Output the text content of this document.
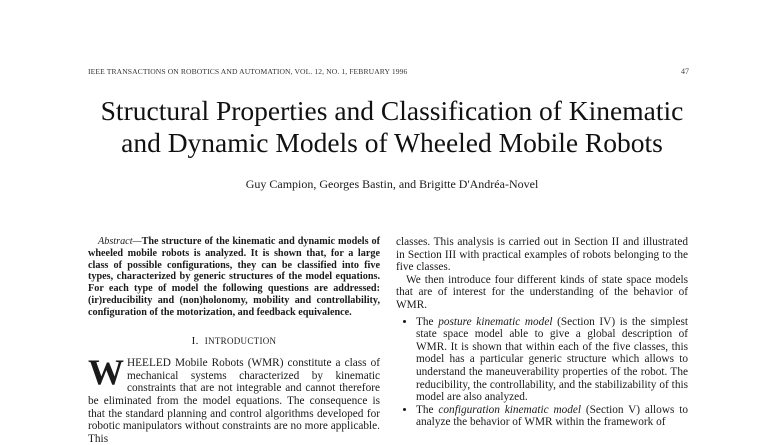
IEEE TRANSACTIONS ON ROBOTICS AND AUTOMATION, VOL. 12, NO. 1, FEBRUARY 1996	47
Structural Properties and Classification of Kinematic
and Dynamic Models of Wheeled Mobile Robots
Guy Campion, Georges Bastin, and Brigitte D'Andréa-Novel

Abstract—The structure of the kinematic and dynamic models of wheeled mobile robots is analyzed. It is shown that, for a large class of possible configurations, they can be classified into five types, characterized by generic structures of the model equations. For each type of model the following questions are addressed: (ir)reducibility and (non)holonomy, mobility and controllability, configuration of the motorization, and feedback equivalence.

I. INTRODUCTION

WHEELED Mobile Robots (WMR) constitute a class of mechanical systems characterized by kinematic constraints that are not integrable and cannot therefore be eliminated from the model equations. The consequence is that the standard planning and control algorithms developed for robotic manipulators without constraints are no more applicable. This

classes. This analysis is carried out in Section II and illustrated in Section III with practical examples of robots belonging to the five classes.

We then introduce four different kinds of state space models that are of interest for the understanding of the behavior of WMR.

• The posture kinematic model (Section IV) is the simplest state space model able to give a global description of WMR. It is shown that within each of the five classes, this model has a particular generic structure which allows to understand the maneuverability properties of the robot. The reducibility, the controllability, and the stabilizability of this model are also analyzed.
• The configuration kinematic model (Section V) allows to analyze the behavior of WMR within the framework of
